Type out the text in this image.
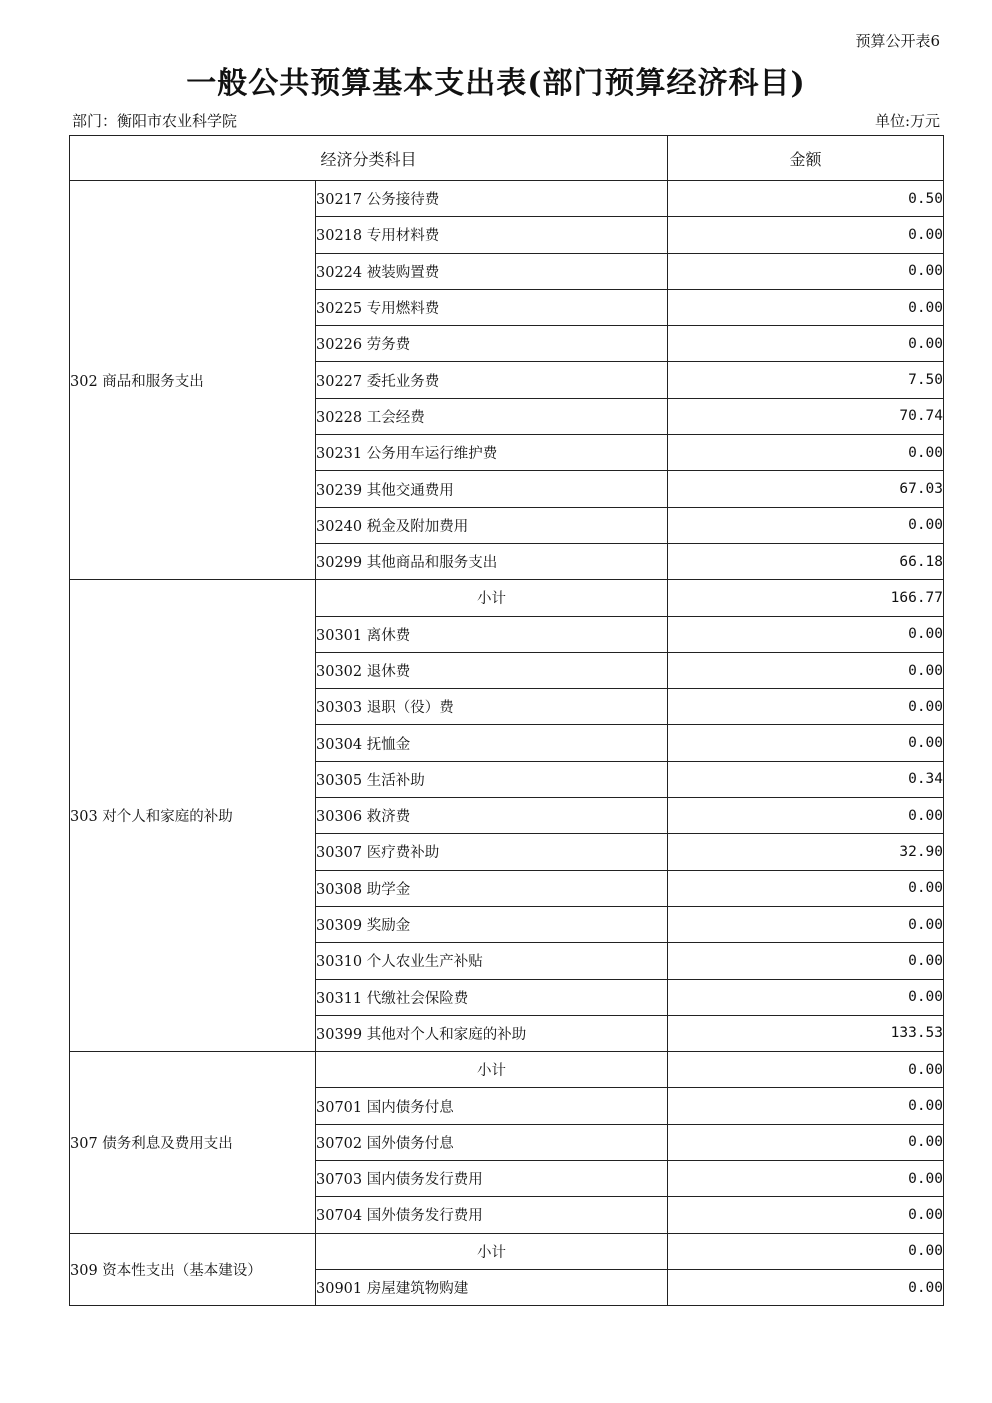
预算公开表6
一般公共预算基本支出表(部门预算经济科目)
部门：衡阳市农业科学院	单位:万元
经济分类科目		金额
302 商品和服务支出	30217 公务接待费	0.50
	30218 专用材料费	0.00
	30224 被装购置费	0.00
	30225 专用燃料费	0.00
	30226 劳务费	0.00
	30227 委托业务费	7.50
	30228 工会经费	70.74
	30231 公务用车运行维护费	0.00
	30239 其他交通费用	67.03
	30240 税金及附加费用	0.00
	30299 其他商品和服务支出	66.18
303 对个人和家庭的补助	小计	166.77
	30301 离休费	0.00
	30302 退休费	0.00
	30303 退职（役）费	0.00
	30304 抚恤金	0.00
	30305 生活补助	0.34
	30306 救济费	0.00
	30307 医疗费补助	32.90
	30308 助学金	0.00
	30309 奖励金	0.00
	30310 个人农业生产补贴	0.00
	30311 代缴社会保险费	0.00
	30399 其他对个人和家庭的补助	133.53
307 债务利息及费用支出	小计	0.00
	30701 国内债务付息	0.00
	30702 国外债务付息	0.00
	30703 国内债务发行费用	0.00
	30704 国外债务发行费用	0.00
309 资本性支出（基本建设）	小计	0.00
	30901 房屋建筑物购建	0.00
